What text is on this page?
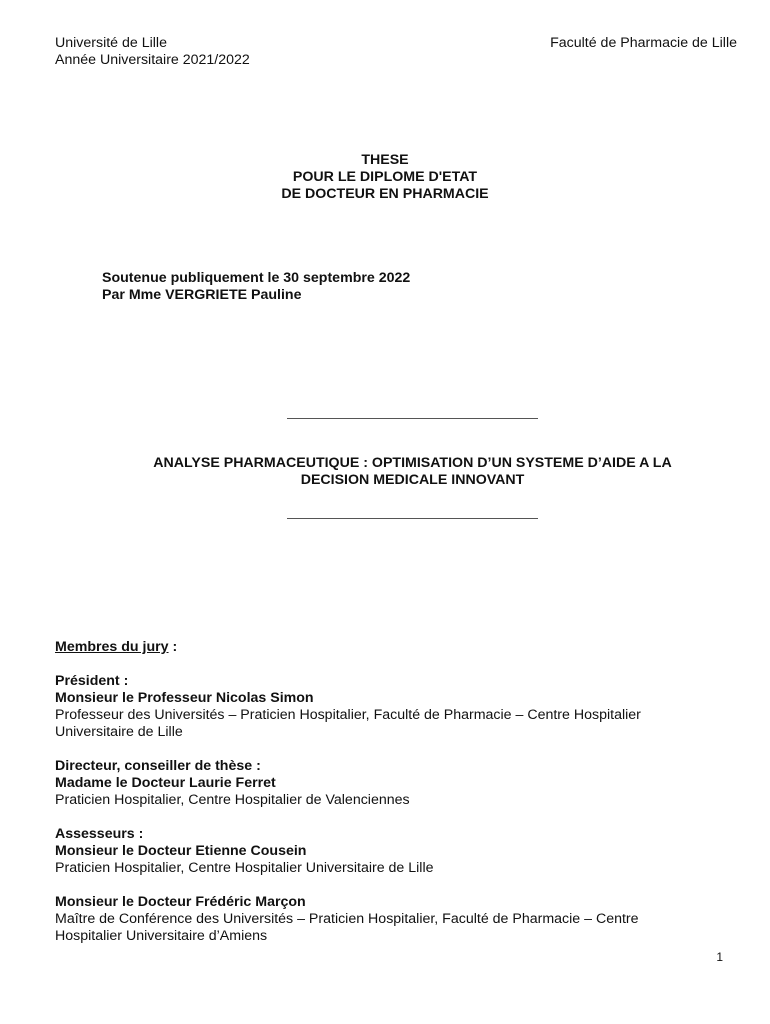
Université de Lille
Année Universitaire 2021/2022
Faculté de Pharmacie de Lille
THESE
POUR LE DIPLOME D'ETAT
DE DOCTEUR EN PHARMACIE
Soutenue publiquement le 30 septembre 2022
Par Mme VERGRIETE Pauline
ANALYSE PHARMACEUTIQUE : OPTIMISATION D’UN SYSTEME D’AIDE A LA
DECISION MEDICALE INNOVANT
Membres du jury :
Président :
Monsieur le Professeur Nicolas Simon
Professeur des Universités – Praticien Hospitalier, Faculté de Pharmacie – Centre Hospitalier
Universitaire de Lille
Directeur, conseiller de thèse :
Madame le Docteur Laurie Ferret
Praticien Hospitalier, Centre Hospitalier de Valenciennes
Assesseurs :
Monsieur le Docteur Etienne Cousein
Praticien Hospitalier, Centre Hospitalier Universitaire de Lille
Monsieur le Docteur Frédéric Marçon
Maître de Conférence des Universités – Praticien Hospitalier, Faculté de Pharmacie – Centre
Hospitalier Universitaire d’Amiens
1
